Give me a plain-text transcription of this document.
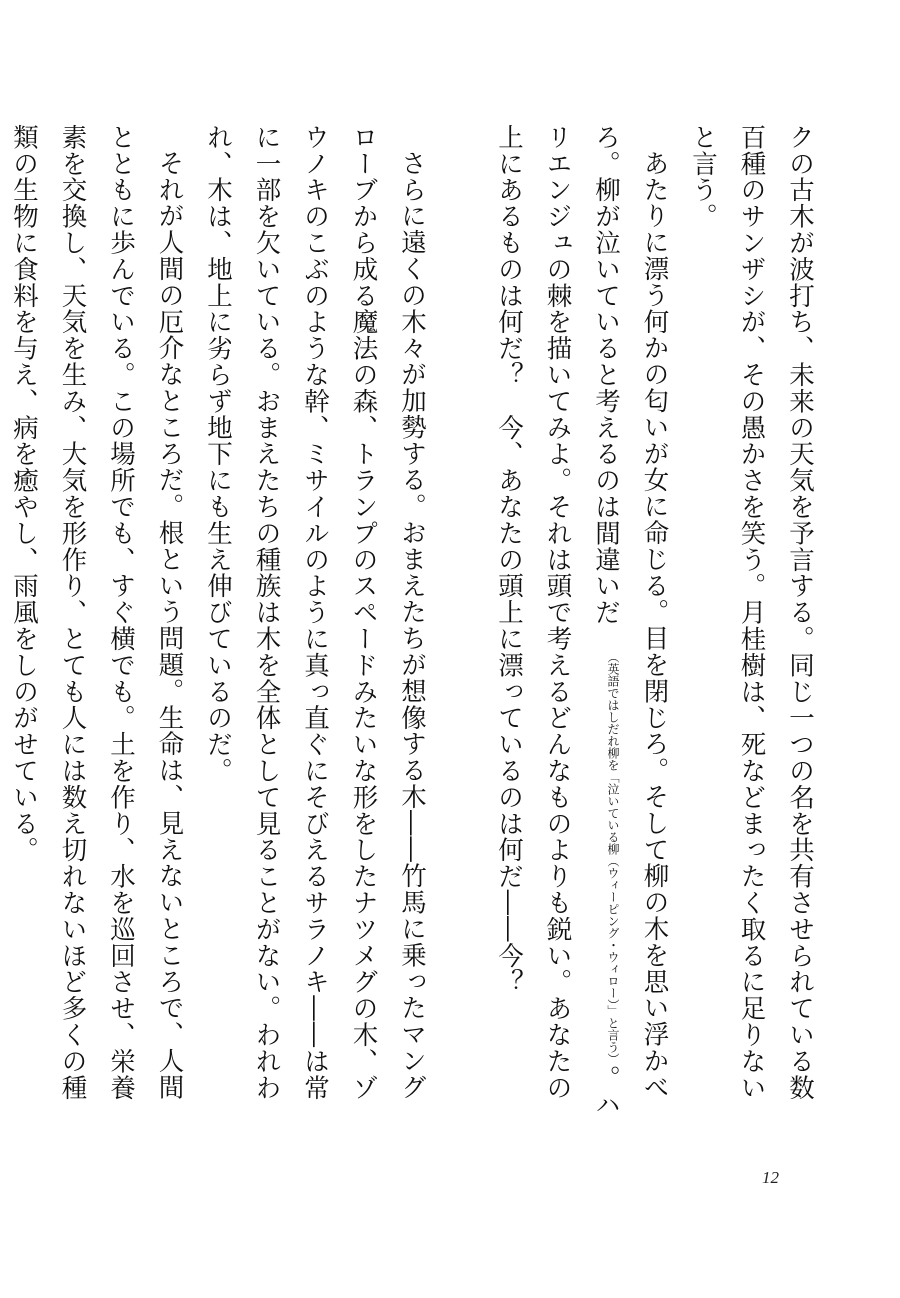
クの古木が波打ち、未来の天気を予言する。同じ一つの名を共有させられている数百種のサンザシが、その愚かさを笑う。月桂樹は、死などまったく取るに足りないと言う。

あたりに漂う何かの匂いが女に命じる。目を閉じろ。そして柳の木を思い浮かべろ。柳が泣いていると考えるのは間違いだ（英語ではしだれ柳を「泣いている柳（ウィーピング・ウィロー）」と言う）。ハリエンジュの棘を描いてみよ。それは頭で考えるどんなものよりも鋭い。あなたの上にあるものは何だ？　今、あなたの頭上に漂っているのは何だ――今？

さらに遠くの木々が加勢する。おまえたちが想像する木――竹馬に乗ったマングローブから成る魔法の森、トランプのスペードみたいな形をしたナツメグの木、ゾウノキのこぶのような幹、ミサイルのように真っ直ぐにそびえるサラノキ――は常に一部を欠いている。おまえたちの種族は木を全体として見ることがない。われわれ、木は、地上に劣らず地下にも生え伸びているのだ。

それが人間の厄介なところだ。根という問題。生命は、見えないところで、人間とともに歩んでいる。この場所でも、すぐ横でも。土を作り、水を巡回させ、栄養素を交換し、天気を生み、大気を形作り、とても人には数え切れないほど多くの種類の生物に食料を与え、病を癒やし、雨風をしのがせている。

12
